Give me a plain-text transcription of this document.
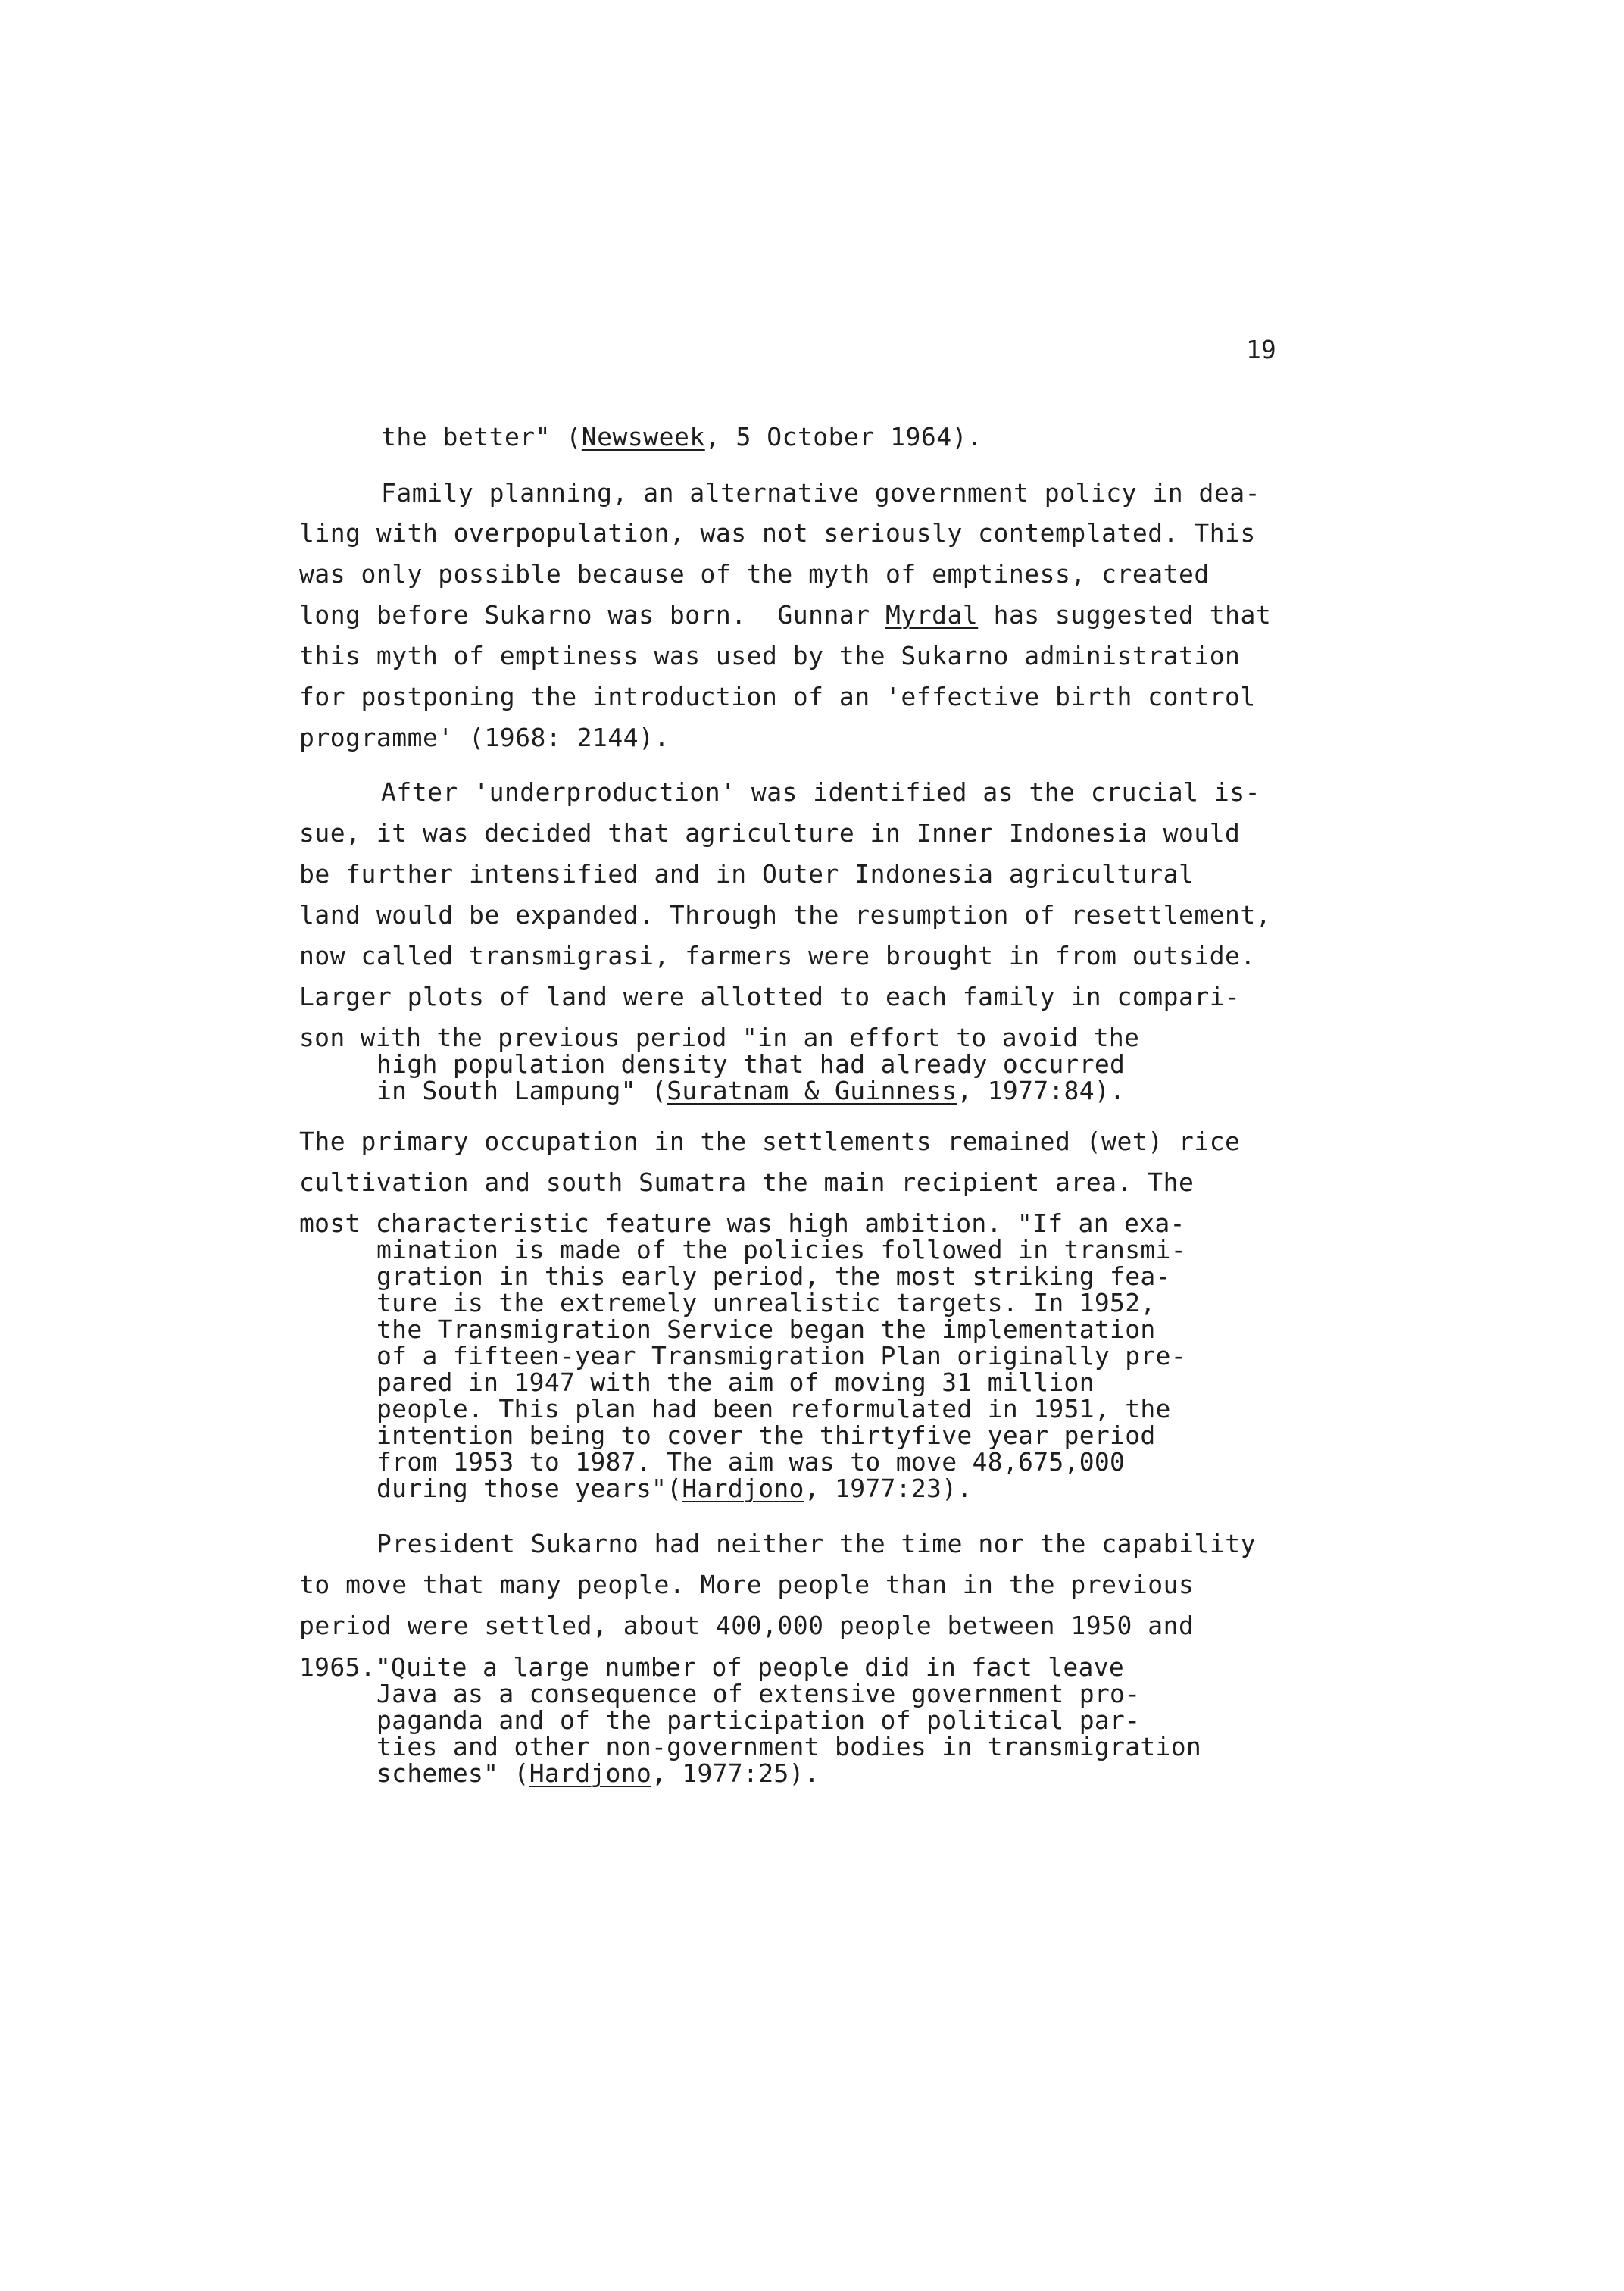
19
the better" (Newsweek, 5 October 1964).
Family planning, an alternative government policy in dea-
ling with overpopulation, was not seriously contemplated. This
was only possible because of the myth of emptiness, created
long before Sukarno was born.  Gunnar Myrdal has suggested that
this myth of emptiness was used by the Sukarno administration
for postponing the introduction of an 'effective birth control
programme' (1968: 2144).
After 'underproduction' was identified as the crucial is-
sue, it was decided that agriculture in Inner Indonesia would
be further intensified and in Outer Indonesia agricultural
land would be expanded. Through the resumption of resettlement,
now called transmigrasi, farmers were brought in from outside.
Larger plots of land were allotted to each family in compari-
son with the previous period "in an effort to avoid the
high population density that had already occurred
in South Lampung" (Suratnam & Guinness, 1977:84).
The primary occupation in the settlements remained (wet) rice
cultivation and south Sumatra the main recipient area. The
most characteristic feature was high ambition. "If an exa-
mination is made of the policies followed in transmi-
gration in this early period, the most striking fea-
ture is the extremely unrealistic targets. In 1952,
the Transmigration Service began the implementation
of a fifteen-year Transmigration Plan originally pre-
pared in 1947 with the aim of moving 31 million
people. This plan had been reformulated in 1951, the
intention being to cover the thirtyfive year period
from 1953 to 1987. The aim was to move 48,675,000
during those years"(Hardjono, 1977:23).
President Sukarno had neither the time nor the capability
to move that many people. More people than in the previous
period were settled, about 400,000 people between 1950 and
1965."Quite a large number of people did in fact leave
Java as a consequence of extensive government pro-
paganda and of the participation of political par-
ties and other non-government bodies in transmigration
schemes" (Hardjono, 1977:25).
